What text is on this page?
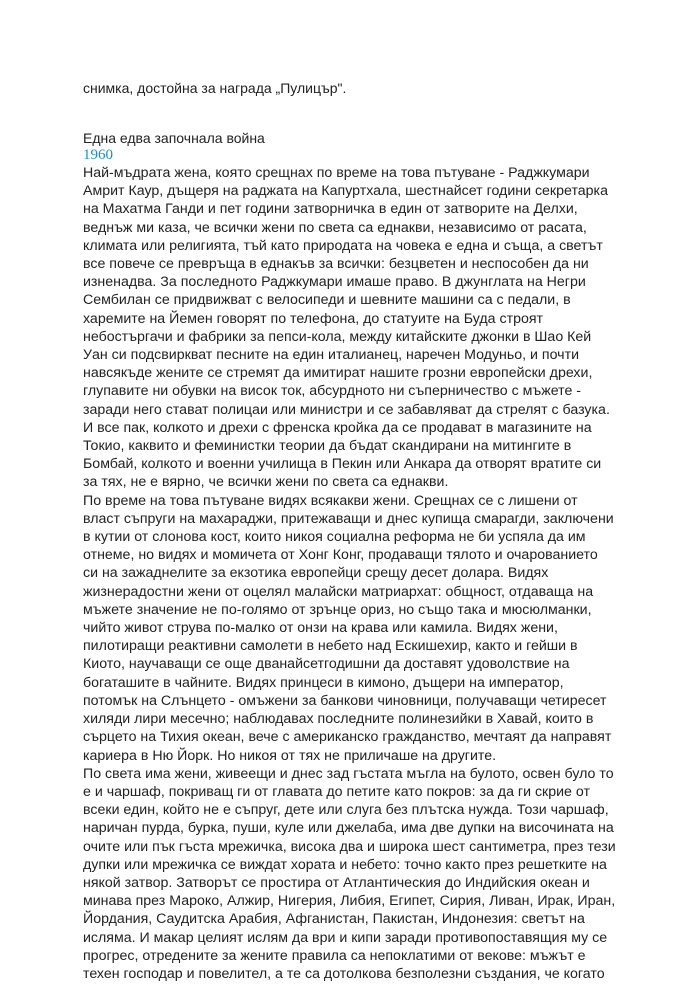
снимка, достойна за награда „Пулицър".
Една едва започнала война
1960
Най-мъдрата жена, която срещнах по време на това пътуване - Раджкумари
Амрит Каур, дъщеря на раджата на Капуртхала, шестнайсет години секретарка
на Махатма Ганди и пет години затворничка в един от затворите на Делхи,
веднъж ми каза, че всички жени по света са еднакви, независимо от расата,
климата или религията, тъй като природата на човека е една и съща, а светът
все повече се превръща в еднакъв за всички: безцветен и неспособен да ни
изненадва. За последното Раджкумари имаше право. В джунглата на Негри
Сембилан се придвижват с велосипеди и шевните машини са с педали, в
харемите на Йемен говорят по телефона, до статуите на Буда строят
небостъргачи и фабрики за пепси-кола, между китайските джонки в Шао Кей
Уан си подсвиркват песните на един италианец, наречен Модуньо, и почти
навсякъде жените се стремят да имитират нашите грозни европейски дрехи,
глупавите ни обувки на висок ток, абсурдното ни съперничество с мъжете -
заради него стават полицаи или министри и се забавляват да стрелят с базука.
И все пак, колкото и дрехи с френска кройка да се продават в магазините на
Токио, каквито и феминистки теории да бъдат скандирани на митингите в
Бомбай, колкото и военни училища в Пекин или Анкара да отворят вратите си
за тях, не е вярно, че всички жени по света са еднакви.
По време на това пътуване видях всякакви жени. Срещнах се с лишени от
власт съпруги на махараджи, притежаващи и днес купища смарагди, заключени
в кутии от слонова кост, които никоя социална реформа не би успяла да им
отнеме, но видях и момичета от Хонг Конг, продаващи тялото и очарованието
си на зажаднелите за екзотика европейци срещу десет долара. Видях
жизнерадостни жени от оцелял малайски матриархат: общност, отдаваща на
мъжете значение не по-голямо от зрънце ориз, но също така и мюсюлманки,
чийто живот струва по-малко от онзи на крава или камила. Видях жени,
пилотиращи реактивни самолети в небето над Ескишехир, както и гейши в
Киото, научаващи се още дванайсетгодишни да доставят удоволствие на
богаташите в чайните. Видях принцеси в кимоно, дъщери на император,
потомък на Слънцето - омъжени за банкови чиновници, получаващи четиресет
хиляди лири месечно; наблюдавах последните полинезийки в Хавай, които в
сърцето на Тихия океан, вече с американско гражданство, мечтаят да направят
кариера в Ню Йорк. Но никоя от тях не приличаше на другите.
По света има жени, живеещи и днес зад гъстата мъгла на булото, освен було то
е и чаршаф, покриващ ги от главата до петите като покров: за да ги скрие от
всеки един, който не е съпруг, дете или слуга без плътска нужда. Този чаршаф,
наричан пурда, бурка, пуши, куле или джелаба, има две дупки на височината на
очите или пък гъста мрежичка, висока два и широка шест сантиметра, през тези
дупки или мрежичка се виждат хората и небето: точно както през решетките на
някой затвор. Затворът се простира от Атлантическия до Индийския океан и
минава през Мароко, Алжир, Нигерия, Либия, Египет, Сирия, Ливан, Ирак, Иран,
Йордания, Саудитска Арабия, Афганистан, Пакистан, Индонезия: светът на
исляма. И макар целият ислям да ври и кипи заради противопоставящия му се
прогрес, отредените за жените правила са непоклатими от векове: мъжът е
техен господар и повелител, а те са дотолкова безполезни създания, че когато
